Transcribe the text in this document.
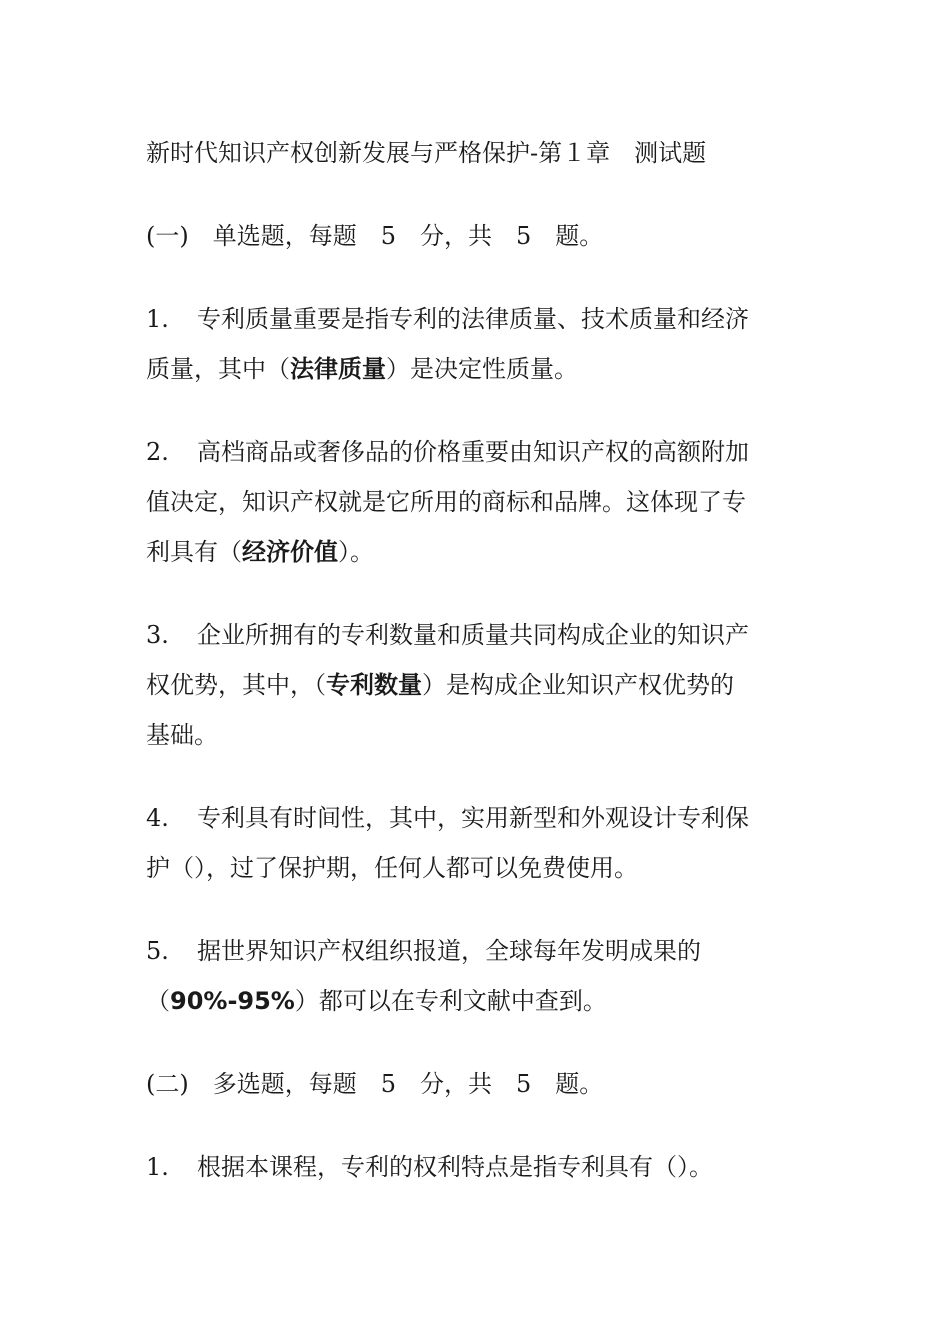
新时代知识产权创新发展与严格保护-第１章　测试题

(一)　单选题，每题　5　分，共　5　题。

1. 专利质量重要是指专利的法律质量、技术质量和经济

质量，其中（法律质量）是决定性质量。

2. 高档商品或奢侈品的价格重要由知识产权的高额附加

值决定，知识产权就是它所用的商标和品牌。这体现了专

利具有（经济价值）。

3. 企业所拥有的专利数量和质量共同构成企业的知识产

权优势，其中，（专利数量）是构成企业知识产权优势的

基础。

4. 专利具有时间性，其中，实用新型和外观设计专利保

护（），过了保护期，任何人都可以免费使用。

5. 据世界知识产权组织报道，全球每年发明成果的

（90%-95%）都可以在专利文献中查到。

(二)　多选题，每题　5　分，共　5　题。

1. 根据本课程，专利的权利特点是指专利具有（）。
